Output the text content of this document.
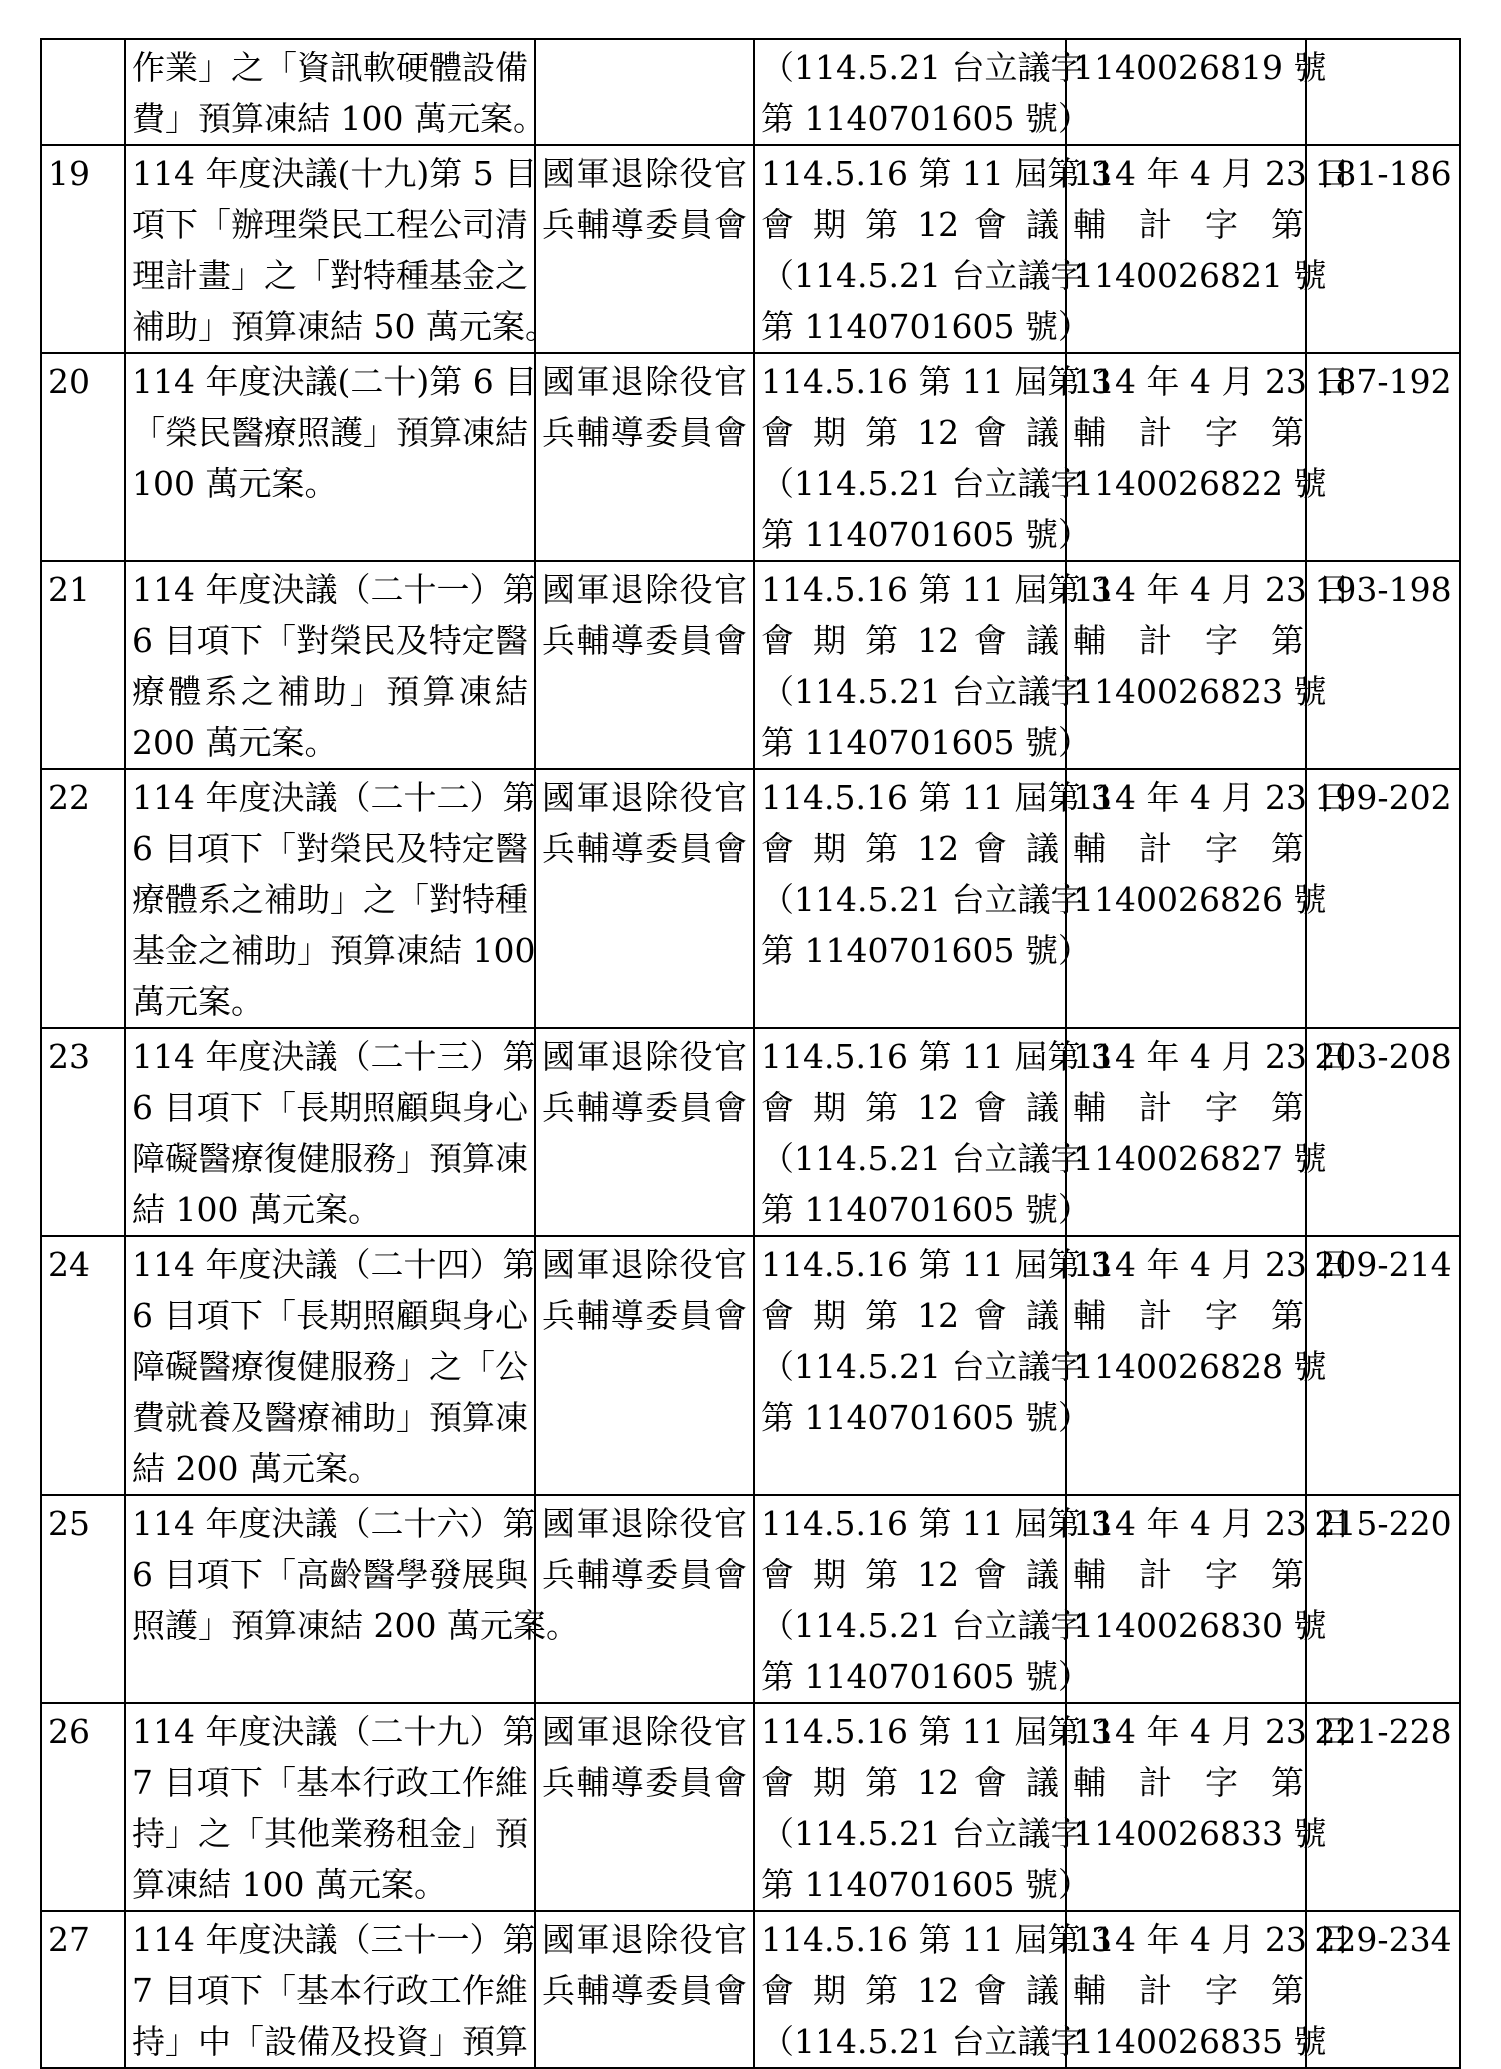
	作業」之「資訊軟硬體設備
費」預算凍結 100 萬元案。		（114.5.21 台立議字
第 1140701605 號）	1140026819 號	

19	114 年度決議(十九)第 5 目
項下「辦理榮民工程公司清
理計畫」之「對特種基金之
補助」預算凍結 50 萬元案。	國軍退除役官
兵輔導委員會	114.5.16 第 11 屆第 3
會 期 第 12 會 議
（114.5.21 台立議字
第 1140701605 號）	114 年 4 月 23 日
輔　計　字　第
1140026821 號	181-186
20	114 年度決議(二十)第 6 目
「榮民醫療照護」預算凍結
100 萬元案。	國軍退除役官
兵輔導委員會	114.5.16 第 11 屆第 3
會 期 第 12 會 議
（114.5.21 台立議字
第 1140701605 號）	114 年 4 月 23 日
輔　計　字　第
1140026822 號	187-192
21	114 年度決議（二十一）第
6 目項下「對榮民及特定醫
療體系之補助」預算凍結
200 萬元案。	國軍退除役官
兵輔導委員會	114.5.16 第 11 屆第 3
會 期 第 12 會 議
（114.5.21 台立議字
第 1140701605 號）	114 年 4 月 23 日
輔　計　字　第
1140026823 號	193-198
22	114 年度決議（二十二）第
6 目項下「對榮民及特定醫
療體系之補助」之「對特種
基金之補助」預算凍結 100
萬元案。	國軍退除役官
兵輔導委員會	114.5.16 第 11 屆第 3
會 期 第 12 會 議
（114.5.21 台立議字
第 1140701605 號）	114 年 4 月 23 日
輔　計　字　第
1140026826 號	199-202
23	114 年度決議（二十三）第
6 目項下「長期照顧與身心
障礙醫療復健服務」預算凍
結 100 萬元案。	國軍退除役官
兵輔導委員會	114.5.16 第 11 屆第 3
會 期 第 12 會 議
（114.5.21 台立議字
第 1140701605 號）	114 年 4 月 23 日
輔　計　字　第
1140026827 號	203-208
24	114 年度決議（二十四）第
6 目項下「長期照顧與身心
障礙醫療復健服務」之「公
費就養及醫療補助」預算凍
結 200 萬元案。	國軍退除役官
兵輔導委員會	114.5.16 第 11 屆第 3
會 期 第 12 會 議
（114.5.21 台立議字
第 1140701605 號）	114 年 4 月 23 日
輔　計　字　第
1140026828 號	209-214
25	114 年度決議（二十六）第
6 目項下「高齡醫學發展與
照護」預算凍結 200 萬元案。	國軍退除役官
兵輔導委員會	114.5.16 第 11 屆第 3
會 期 第 12 會 議
（114.5.21 台立議字
第 1140701605 號）	114 年 4 月 23 日
輔　計　字　第
1140026830 號	215-220
26	114 年度決議（二十九）第
7 目項下「基本行政工作維
持」之「其他業務租金」預
算凍結 100 萬元案。	國軍退除役官
兵輔導委員會	114.5.16 第 11 屆第 3
會 期 第 12 會 議
（114.5.21 台立議字
第 1140701605 號）	114 年 4 月 23 日
輔　計　字　第
1140026833 號	221-228
27	114 年度決議（三十一）第
7 目項下「基本行政工作維
持」中「設備及投資」預算	國軍退除役官
兵輔導委員會	114.5.16 第 11 屆第 3
會 期 第 12 會 議
（114.5.21 台立議字	114 年 4 月 23 日
輔　計　字　第
1140026835 號	229-234
